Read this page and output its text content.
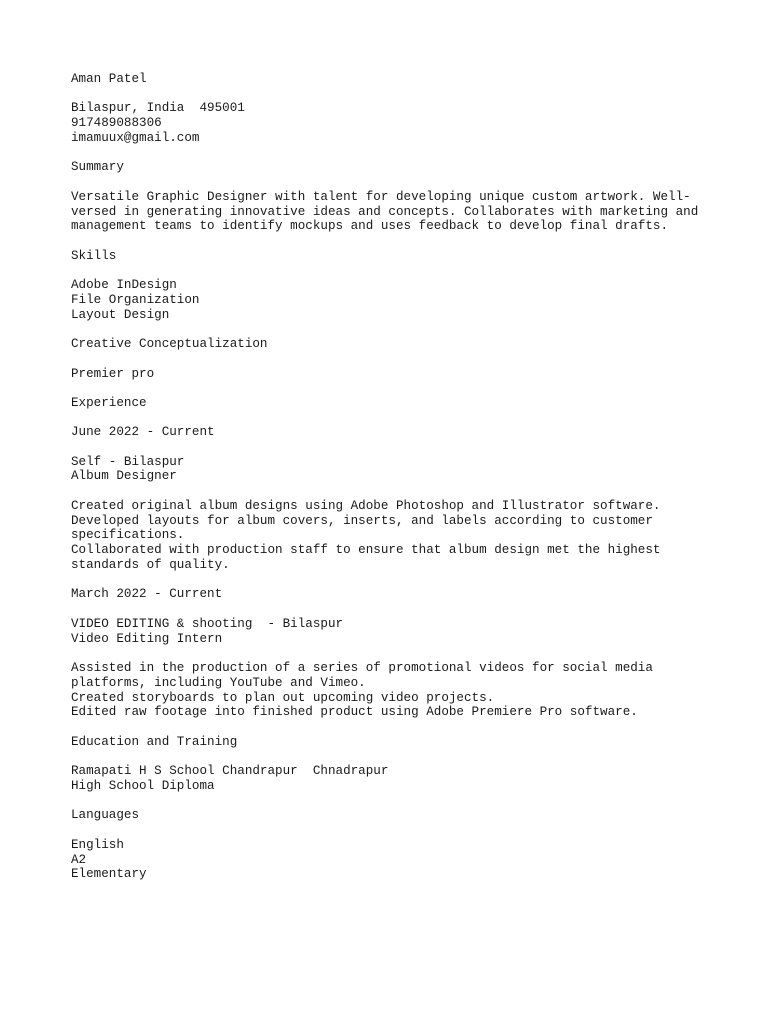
Aman Patel
Bilaspur, India  495001
917489088306
imamuux@gmail.com
Summary
Versatile Graphic Designer with talent for developing unique custom artwork. Well-
versed in generating innovative ideas and concepts. Collaborates with marketing and
management teams to identify mockups and uses feedback to develop final drafts.
Skills
Adobe InDesign
File Organization
Layout Design
Creative Conceptualization
Premier pro
Experience
June 2022 - Current
Self - Bilaspur
Album Designer
Created original album designs using Adobe Photoshop and Illustrator software.
Developed layouts for album covers, inserts, and labels according to customer
specifications.
Collaborated with production staff to ensure that album design met the highest
standards of quality.
March 2022 - Current
VIDEO EDITING & shooting  - Bilaspur
Video Editing Intern
Assisted in the production of a series of promotional videos for social media
platforms, including YouTube and Vimeo.
Created storyboards to plan out upcoming video projects.
Edited raw footage into finished product using Adobe Premiere Pro software.
Education and Training
Ramapati H S School Chandrapur  Chnadrapur
High School Diploma
Languages
English
A2
Elementary
